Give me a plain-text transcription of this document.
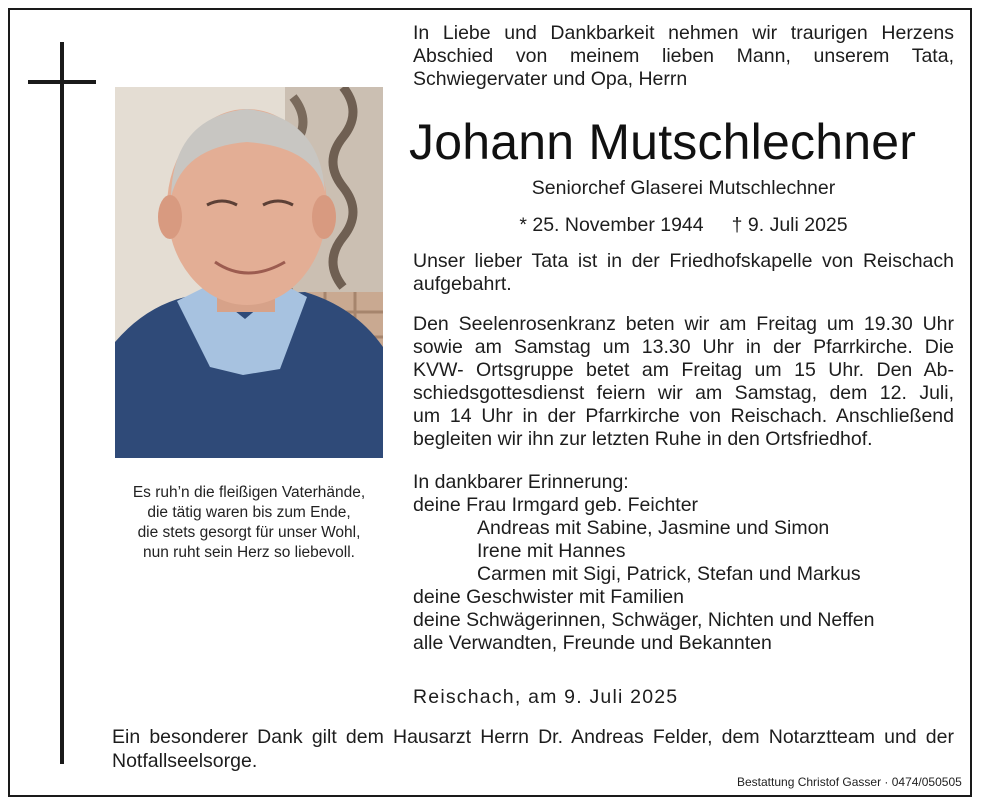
Es ruh’n die fleißigen Vaterhände,
die tätig waren bis zum Ende,
die stets gesorgt für unser Wohl,
nun ruht sein Herz so liebevoll.
In Liebe und Dankbarkeit nehmen wir traurigen Herzens
Abschied von meinem lieben Mann, unserem Tata,
Schwiegervater und Opa, Herrn
Johann Mutschlechner
Seniorchef Glaserei Mutschlechner
* 25. November 1944 † 9. Juli 2025
Unser lieber Tata ist in der Friedhofskapelle von Reischach
aufgebahrt.
Den Seelenrosenkranz beten wir am Freitag um 19.30 Uhr
sowie am Samstag um 13.30 Uhr in der Pfarrkirche. Die
KVW- Ortsgruppe betet am Freitag um 15 Uhr. Den Ab-
schiedsgottesdienst feiern wir am Samstag, dem 12. Juli,
um 14 Uhr in der Pfarrkirche von Reischach. Anschließend
begleiten wir ihn zur letzten Ruhe in den Ortsfriedhof.
In dankbarer Erinnerung:
deine Frau Irmgard geb. Feichter
Andreas mit Sabine, Jasmine und Simon
Irene mit Hannes
Carmen mit Sigi, Patrick, Stefan und Markus
deine Geschwister mit Familien
deine Schwägerinnen, Schwäger, Nichten und Neffen
alle Verwandten, Freunde und Bekannten
Reischach, am 9. Juli 2025
Ein besonderer Dank gilt dem Hausarzt Herrn Dr. Andreas Felder, dem Notarztteam und der
Notfallseelsorge.
Bestattung Christof Gasser · 0474/050505
